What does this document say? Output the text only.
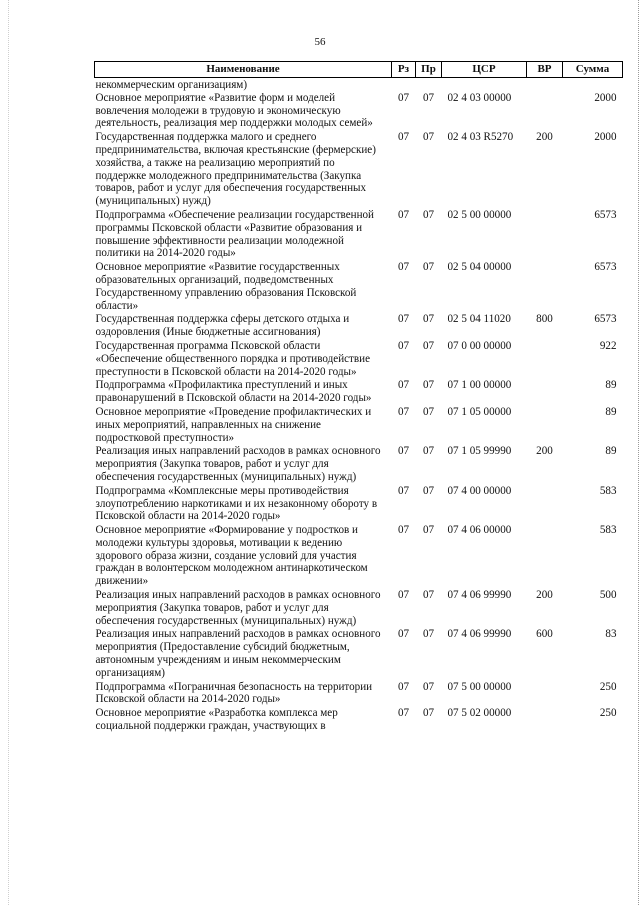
56
Наименование	Рз	Пр	ЦСР	ВР	Сумма
некоммерческим организациям)					
Основное мероприятие «Развитие форм и моделей вовлечения молодежи в трудовую и экономическую деятельность, реализация мер поддержки молодых семей»	07	07	02 4 03 00000		2000
Государственная поддержка малого и среднего предпринимательства, включая крестьянские (фермерские) хозяйства, а также на реализацию мероприятий по поддержке молодежного предпринимательства (Закупка товаров, работ и услуг для обеспечения государственных (муниципальных) нужд)	07	07	02 4 03 R5270	200	2000
Подпрограмма «Обеспечение реализации государственной программы Псковской области «Развитие образования и повышение эффективности реализации молодежной политики на 2014-2020 годы»	07	07	02 5 00 00000		6573
Основное мероприятие «Развитие государственных образовательных организаций, подведомственных Государственному управлению образования Псковской области»	07	07	02 5 04 00000		6573
Государственная поддержка сферы детского отдыха и оздоровления (Иные бюджетные ассигнования)	07	07	02 5 04 11020	800	6573
Государственная программа Псковской области «Обеспечение общественного порядка и противодействие преступности в Псковской области на 2014-2020 годы»	07	07	07 0 00 00000		922
Подпрограмма «Профилактика преступлений и иных правонарушений в Псковской области на 2014-2020 годы»	07	07	07 1 00 00000		89
Основное мероприятие «Проведение профилактических и иных мероприятий, направленных на снижение подростковой преступности»	07	07	07 1 05 00000		89
Реализация иных направлений расходов в рамках основного мероприятия (Закупка товаров, работ и услуг для обеспечения государственных (муниципальных) нужд)	07	07	07 1 05 99990	200	89
Подпрограмма «Комплексные меры противодействия злоупотреблению наркотиками и их незаконному обороту в Псковской области на 2014-2020 годы»	07	07	07 4 00 00000		583
Основное мероприятие «Формирование у подростков и молодежи культуры здоровья, мотивации к ведению здорового образа жизни, создание условий для участия граждан в волонтерском молодежном антинаркотическом движении»	07	07	07 4 06 00000		583
Реализация иных направлений расходов в рамках основного мероприятия (Закупка товаров, работ и услуг для обеспечения государственных (муниципальных) нужд)	07	07	07 4 06 99990	200	500
Реализация иных направлений расходов в рамках основного мероприятия (Предоставление субсидий бюджетным, автономным учреждениям и иным некоммерческим организациям)	07	07	07 4 06 99990	600	83
Подпрограмма «Пограничная безопасность на территории Псковской области на 2014-2020 годы»	07	07	07 5 00 00000		250
Основное мероприятие «Разработка комплекса мер социальной поддержки граждан, участвующих в	07	07	07 5 02 00000		250
